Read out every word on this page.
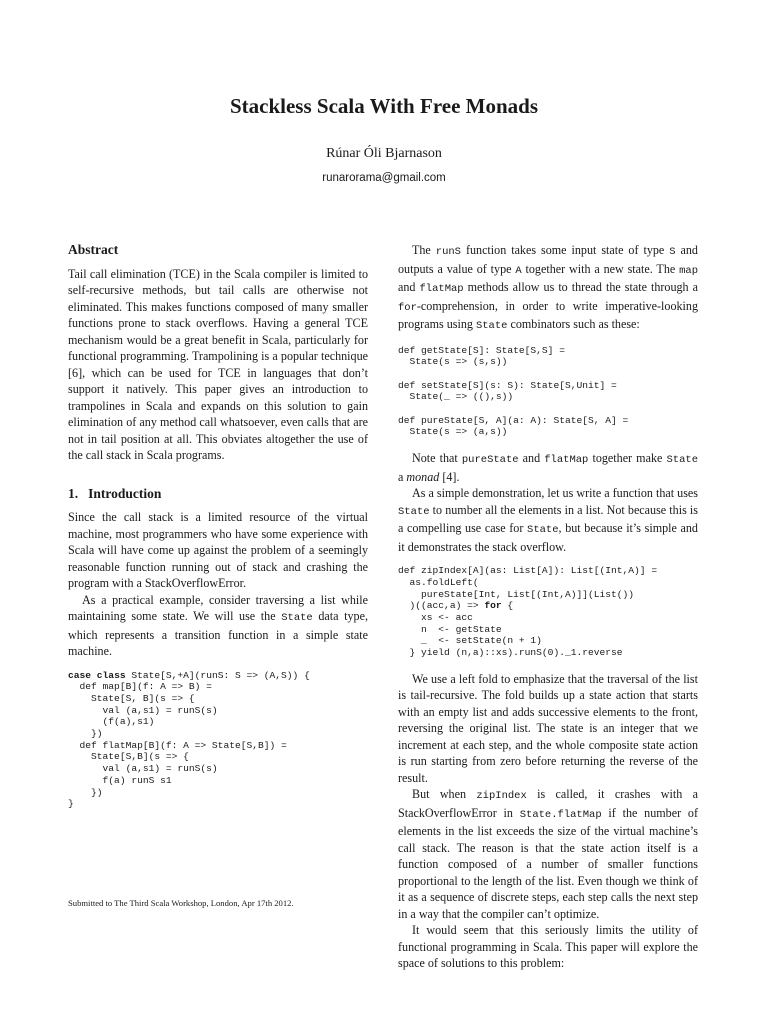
Stackless Scala With Free Monads
Rúnar Óli Bjarnason
runarorama@gmail.com
Abstract

Tail call elimination (TCE) in the Scala compiler is limited to self-recursive methods, but tail calls are otherwise not eliminated. This makes functions composed of many smaller functions prone to stack overflows. Having a general TCE mechanism would be a great benefit in Scala, particularly for functional programming. Trampolining is a popular technique [6], which can be used for TCE in languages that don’t support it natively. This paper gives an introduction to trampolines in Scala and expands on this solution to gain elimination of any method call whatsoever, even calls that are not in tail position at all. This obviates altogether the use of the call stack in Scala programs.

1. Introduction

Since the call stack is a limited resource of the virtual machine, most programmers who have some experience with Scala will have come up against the problem of a seemingly reasonable function running out of stack and crashing the program with a StackOverflowError.

As a practical example, consider traversing a list while maintaining some state. We will use the State data type, which represents a transition function in a simple state machine.

case class State[S,+A](runS: S => (A,S)) {
def map[B](f: A => B) =
State[S, B](s => {
val (a,s1) = runS(s)
(f(a),s1)
})
def flatMap[B](f: A => State[S,B]) =
State[S,B](s => {
val (a,s1) = runS(s)
f(a) runS s1
})
}
Submitted to The Third Scala Workshop, London, Apr 17th 2012.

The runS function takes some input state of type S and outputs a value of type A together with a new state. The map and flatMap methods allow us to thread the state through a for-comprehension, in order to write imperative-looking programs using State combinators such as these:

def getState[S]: State[S,S] =
State(s => (s,s))

def setState[S](s: S): State[S,Unit] =
State(_ => ((),s))

def pureState[S, A](a: A): State[S, A] =
State(s => (a,s))

Note that pureState and flatMap together make State a monad [4].

As a simple demonstration, let us write a function that uses State to number all the elements in a list. Not because this is a compelling use case for State, but because it’s simple and it demonstrates the stack overflow.

def zipIndex[A](as: List[A]): List[(Int,A)] =
as.foldLeft(
pureState[Int, List[(Int,A)]](List())
)((acc,a) => for {
xs <- acc
n  <- getState
_  <- setState(n + 1)
} yield (n,a)::xs).runS(0)._1.reverse

We use a left fold to emphasize that the traversal of the list is tail-recursive. The fold builds up a state action that starts with an empty list and adds successive elements to the front, reversing the original list. The state is an integer that we increment at each step, and the whole composite state action is run starting from zero before returning the reverse of the result.

But when zipIndex is called, it crashes with a StackOverflowError in State.flatMap if the number of elements in the list exceeds the size of the virtual machine’s call stack. The reason is that the state action itself is a function composed of a number of smaller functions proportional to the length of the list. Even though we think of it as a sequence of discrete steps, each step calls the next step in a way that the compiler can’t optimize.

It would seem that this seriously limits the utility of functional programming in Scala. This paper will explore the space of solutions to this problem:
